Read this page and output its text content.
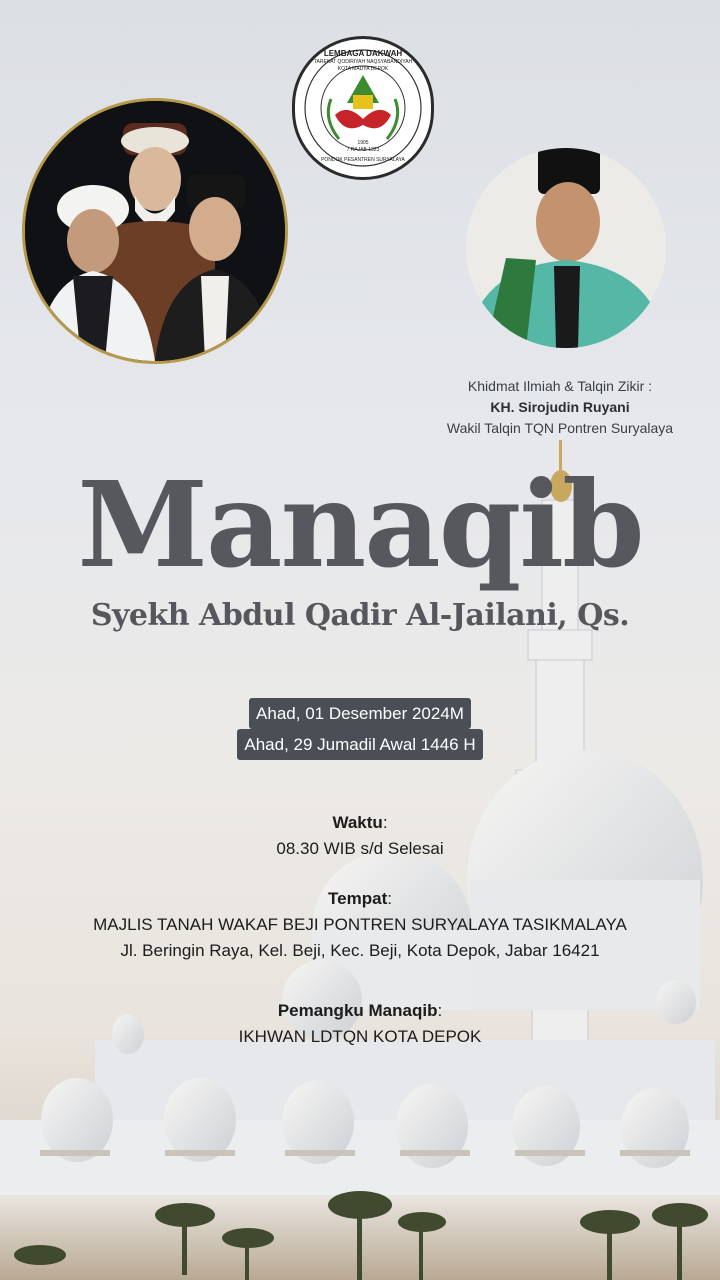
LEMBAGA DAKWAH
TAREKAT QODIRIYAH NAQSYABANDIYAH
KOTA MADYA DEPOK
1905
7 RAJAB 1323
PONDOK PESANTREN SURYALAYA
Khidmat Ilmiah & Talqin Zikir :
KH. Sirojudin Ruyani
Wakil Talqin TQN Pontren Suryalaya
Manaqib
Syekh Abdul Qadir Al-Jailani, Qs.
Ahad, 01 Desember 2024M
Ahad, 29 Jumadil Awal 1446 H
Waktu:
08.30 WIB s/d Selesai
Tempat:
MAJLIS TANAH WAKAF BEJI PONTREN SURYALAYA TASIKMALAYA
Jl. Beringin Raya, Kel. Beji, Kec. Beji, Kota Depok, Jabar 16421
Pemangku Manaqib:
IKHWAN LDTQN KOTA DEPOK
